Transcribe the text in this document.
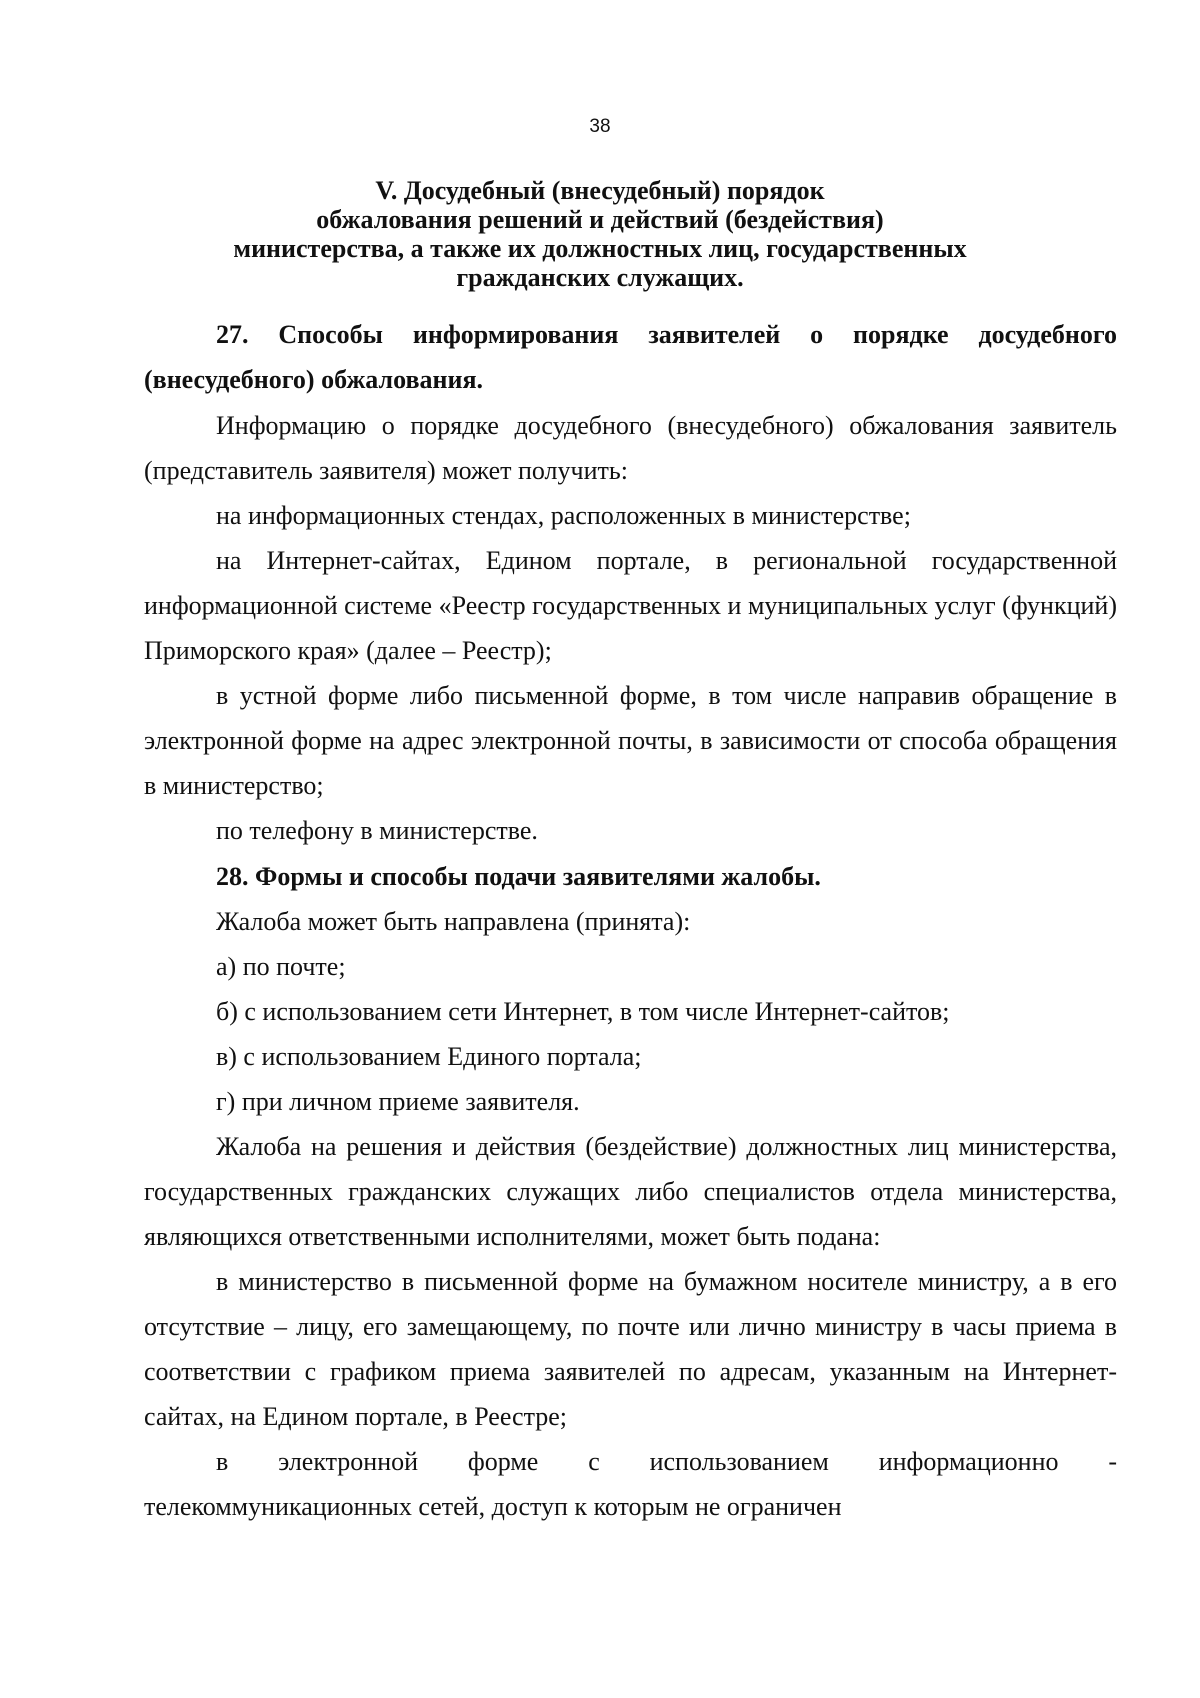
38
V. Досудебный (внесудебный) порядок
обжалования решений и действий (бездействия)
министерства, а также их должностных лиц, государственных
гражданских служащих.

27. Способы информирования заявителей о порядке досудебного (внесудебного) обжалования.

Информацию о порядке досудебного (внесудебного) обжалования заявитель (представитель заявителя) может получить:

на информационных стендах, расположенных в министерстве;

на Интернет-сайтах, Едином портале, в региональной государственной информационной системе «Реестр государственных и муниципальных услуг (функций) Приморского края» (далее – Реестр);

в устной форме либо письменной форме, в том числе направив обращение в электронной форме на адрес электронной почты, в зависимости от способа обращения в министерство;

по телефону в министерстве.

28. Формы и способы подачи заявителями жалобы.

Жалоба может быть направлена (принята):

а) по почте;

б) с использованием сети Интернет, в том числе Интернет-сайтов;

в) с использованием Единого портала;

г) при личном приеме заявителя.

Жалоба на решения и действия (бездействие) должностных лиц министерства, государственных гражданских служащих либо специалистов отдела министерства, являющихся ответственными исполнителями, может быть подана:

в министерство в письменной форме на бумажном носителе министру, а в его отсутствие – лицу, его замещающему, по почте или лично министру в часы приема в соответствии с графиком приема заявителей по адресам, указанным на Интернет-сайтах, на Едином портале, в Реестре;

в электронной форме с использованием информационно - телекоммуникационных сетей, доступ к которым не ограничен
